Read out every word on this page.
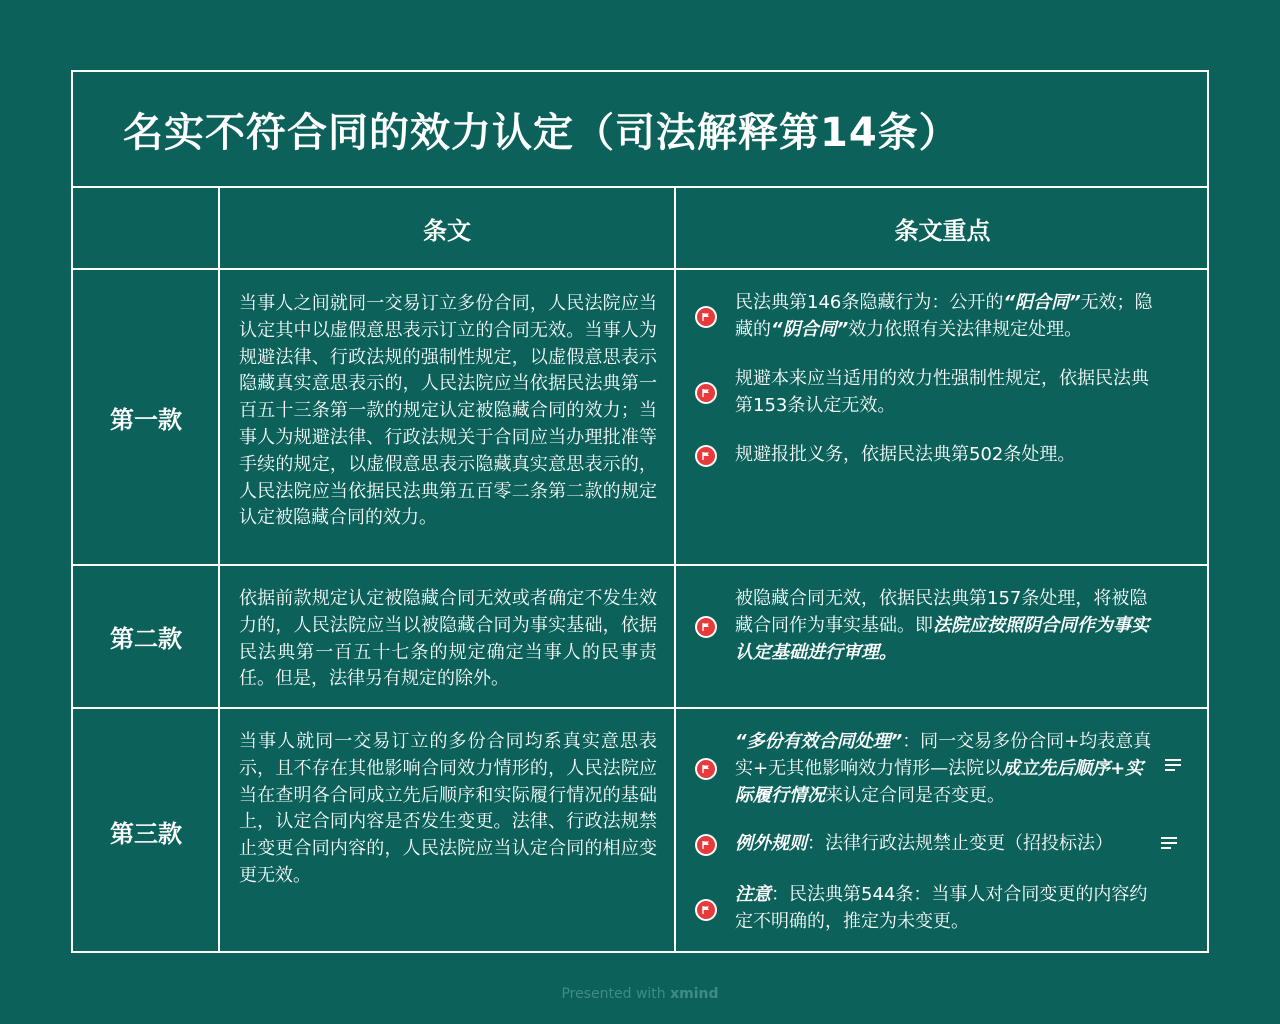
名实不符合同的效力认定（司法解释第14条）
条文	条文重点
第一款
当事人之间就同一交易订立多份合同，人民法院应当认定其中以虚假意思表示订立的合同无效。当事人为规避法律、行政法规的强制性规定，以虚假意思表示隐藏真实意思表示的，人民法院应当依据民法典第一百五十三条第一款的规定认定被隐藏合同的效力；当事人为规避法律、行政法规关于合同应当办理批准等手续的规定，以虚假意思表示隐藏真实意思表示的，人民法院应当依据民法典第五百零二条第二款的规定认定被隐藏合同的效力。
民法典第146条隐藏行为：公开的“阳合同”无效；隐藏的“阴合同”效力依照有关法律规定处理。
规避本来应当适用的效力性强制性规定，依据民法典第153条认定无效。
规避报批义务，依据民法典第502条处理。
第二款
依据前款规定认定被隐藏合同无效或者确定不发生效力的，人民法院应当以被隐藏合同为事实基础，依据民法典第一百五十七条的规定确定当事人的民事责任。但是，法律另有规定的除外。
被隐藏合同无效，依据民法典第157条处理，将被隐藏合同作为事实基础。即法院应按照阴合同作为事实认定基础进行审理。
第三款
当事人就同一交易订立的多份合同均系真实意思表示，且不存在其他影响合同效力情形的，人民法院应当在查明各合同成立先后顺序和实际履行情况的基础上，认定合同内容是否发生变更。法律、行政法规禁止变更合同内容的，人民法院应当认定合同的相应变更无效。
“多份有效合同处理”：同一交易多份合同+均表意真实+无其他影响效力情形—法院以成立先后顺序+实际履行情况来认定合同是否变更。
例外规则：法律行政法规禁止变更（招投标法）
注意：民法典第544条：当事人对合同变更的内容约定不明确的，推定为未变更。
Presented with xmind
